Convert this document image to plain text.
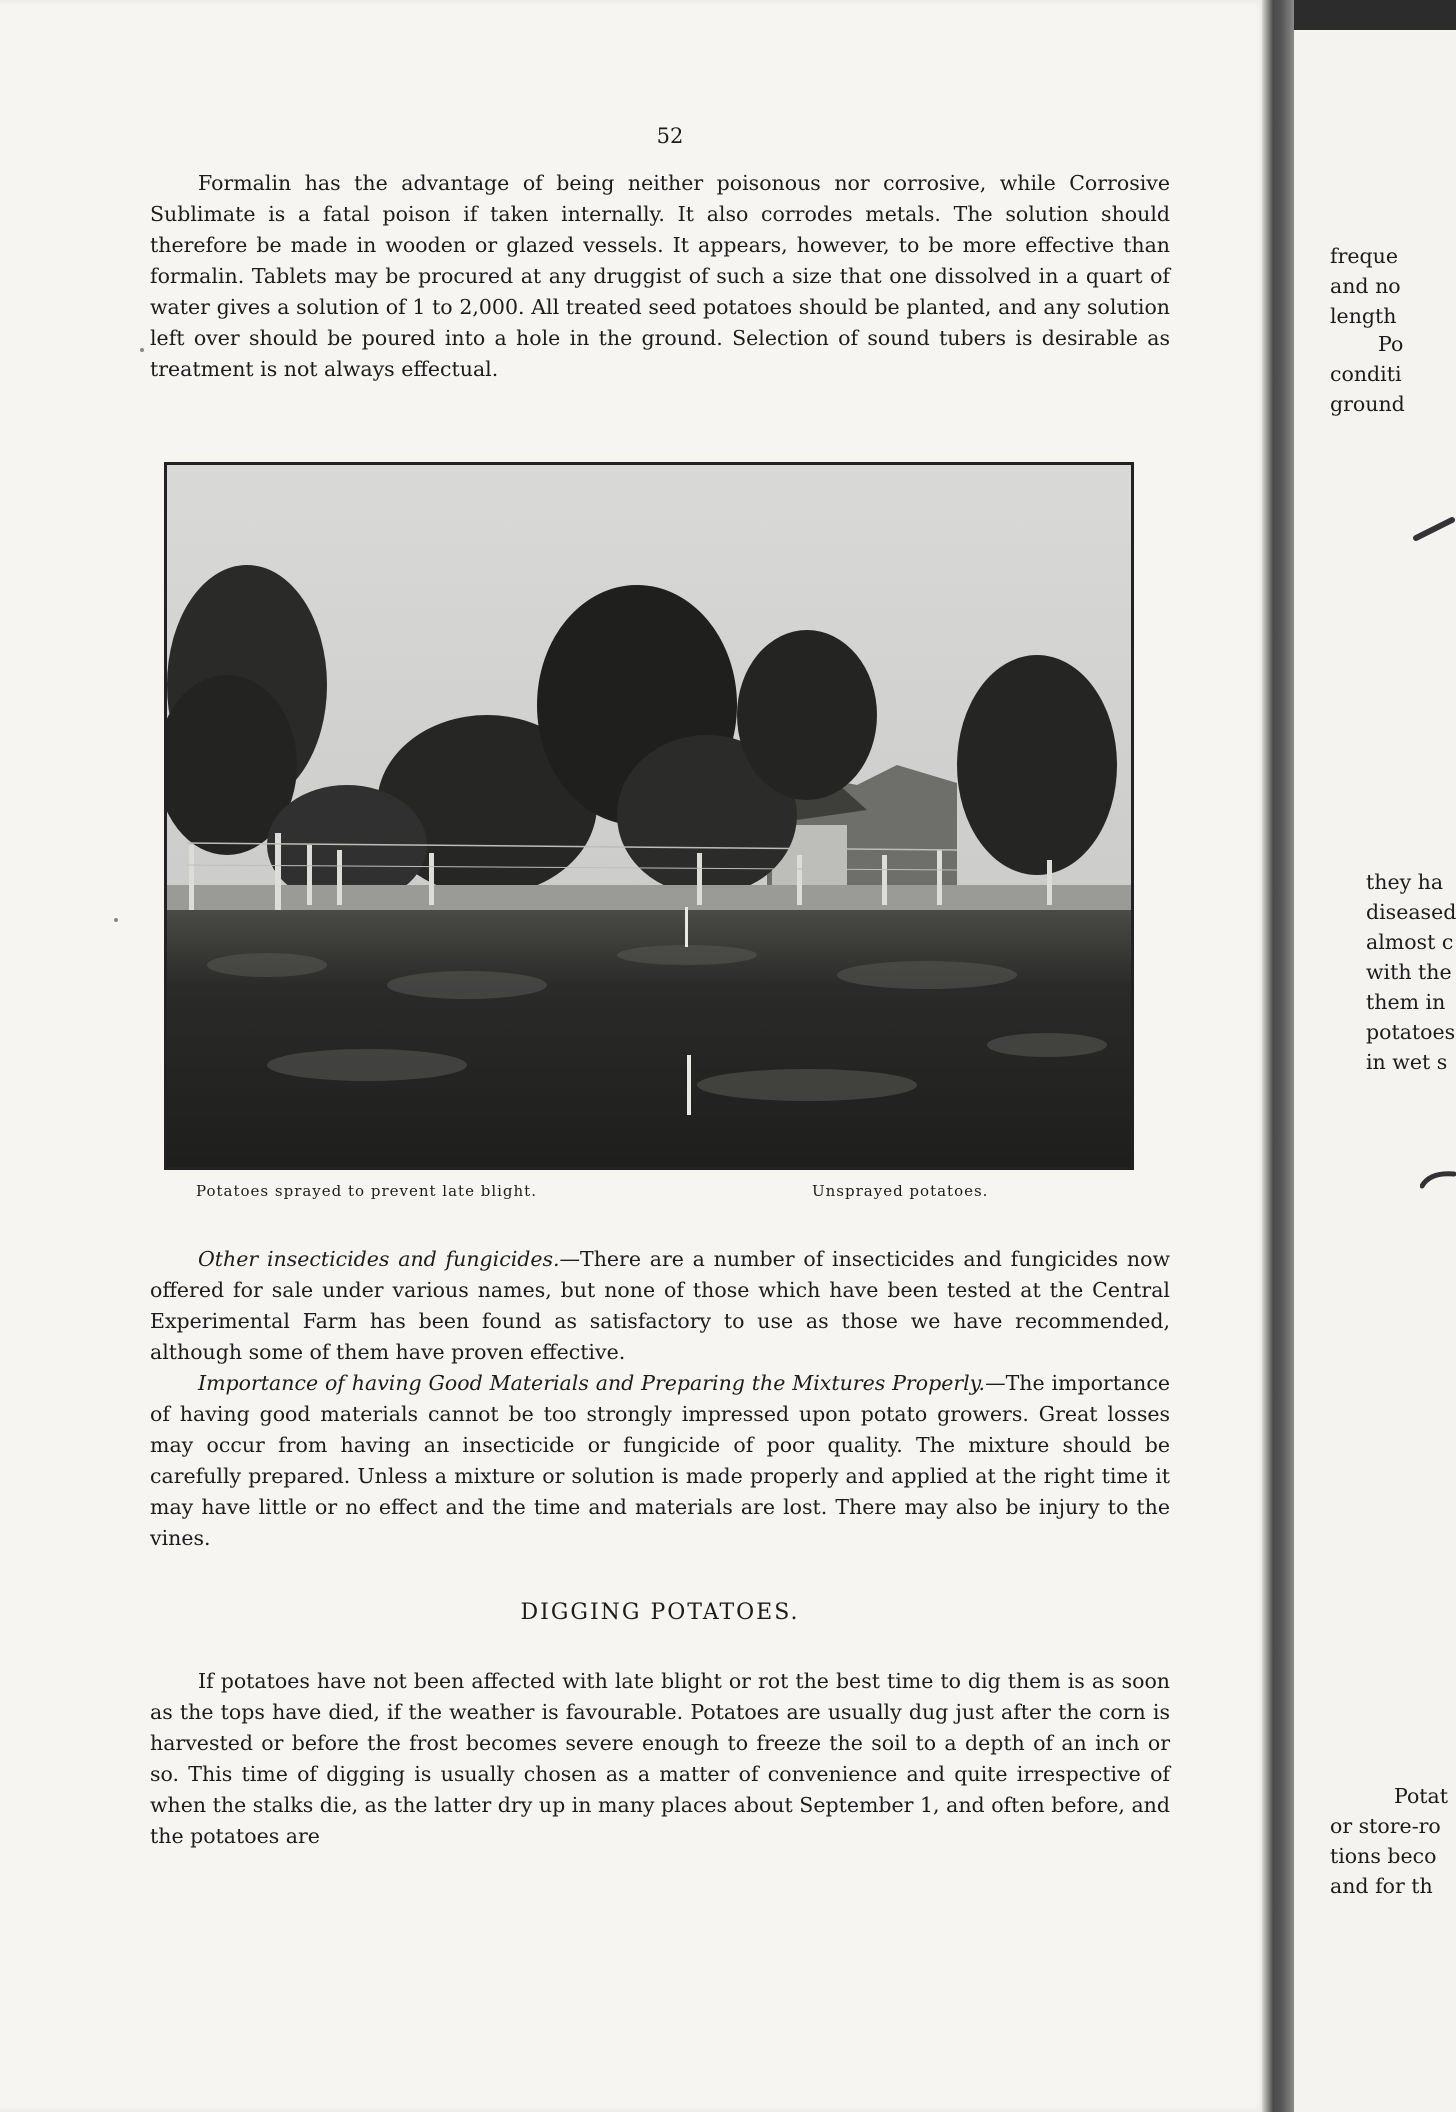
52

Formalin has the advantage of being neither poisonous nor corrosive, while Corrosive Sublimate is a fatal poison if taken internally. It also corrodes metals. The solution should therefore be made in wooden or glazed vessels. It appears, however, to be more effective than formalin. Tablets may be procured at any druggist of such a size that one dissolved in a quart of water gives a solution of 1 to 2,000. All treated seed potatoes should be planted, and any solution left over should be poured into a hole in the ground. Selection of sound tubers is desirable as treatment is not always effectual.

Potatoes sprayed to prevent late blight.	Unsprayed potatoes.

Other insecticides and fungicides.—There are a number of insecticides and fungicides now offered for sale under various names, but none of those which have been tested at the Central Experimental Farm has been found as satisfactory to use as those we have recommended, although some of them have proven effective.

Importance of having Good Materials and Preparing the Mixtures Properly.—The importance of having good materials cannot be too strongly impressed upon potato growers. Great losses may occur from having an insecticide or fungicide of poor quality. The mixture should be carefully prepared. Unless a mixture or solution is made properly and applied at the right time it may have little or no effect and the time and materials are lost. There may also be injury to the vines.

DIGGING POTATOES.

If potatoes have not been affected with late blight or rot the best time to dig them is as soon as the tops have died, if the weather is favourable. Potatoes are usually dug just after the corn is harvested or before the frost becomes severe enough to freeze the soil to a depth of an inch or so. This time of digging is usually chosen as a matter of convenience and quite irrespective of when the stalks die, as the latter dry up in many places about September 1, and often before, and the potatoes are

freque
and no
length
Po
conditi
ground
they ha
diseased
almost c
with the
them in
potatoes
in wet s
Potat
or store-ro
tions beco
and for th
